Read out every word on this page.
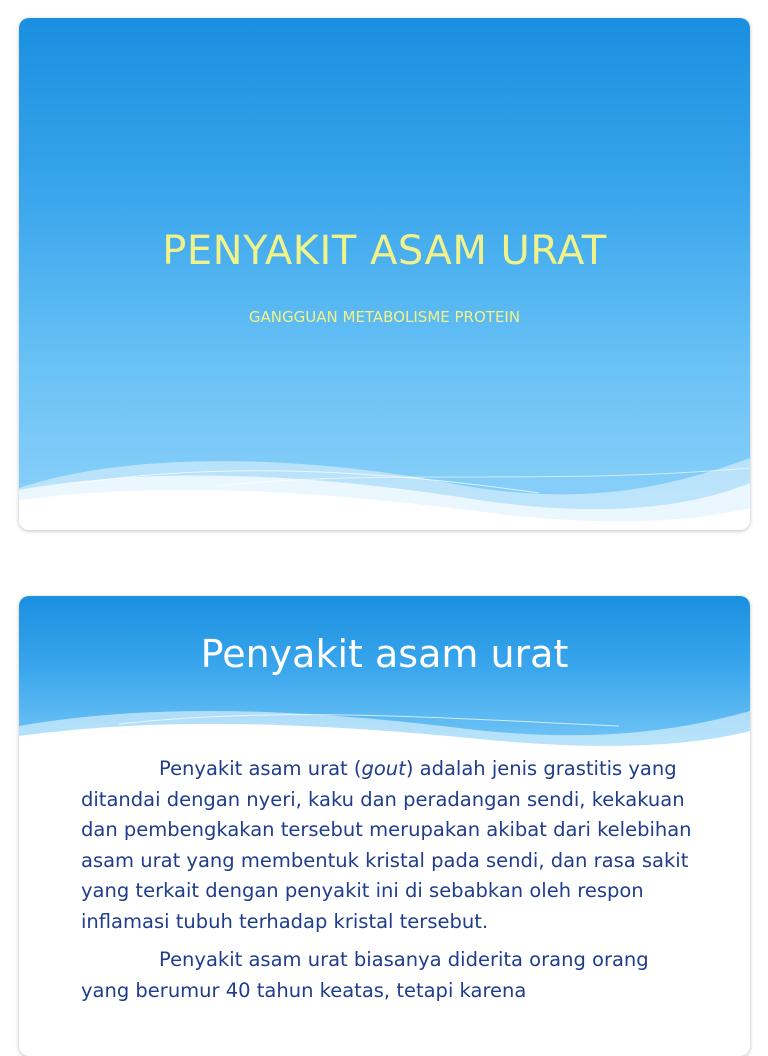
PENYAKIT ASAM URAT
GANGGUAN METABOLISME PROTEIN
Penyakit asam urat

Penyakit asam urat (gout) adalah jenis grastitis yang ditandai dengan nyeri, kaku dan peradangan sendi, kekakuan dan pembengkakan tersebut merupakan akibat dari kelebihan asam urat yang membentuk kristal pada sendi, dan rasa sakit yang terkait dengan penyakit ini di sebabkan oleh respon inflamasi tubuh terhadap kristal tersebut.

Penyakit asam urat biasanya diderita orang orang yang berumur 40 tahun keatas, tetapi karena
